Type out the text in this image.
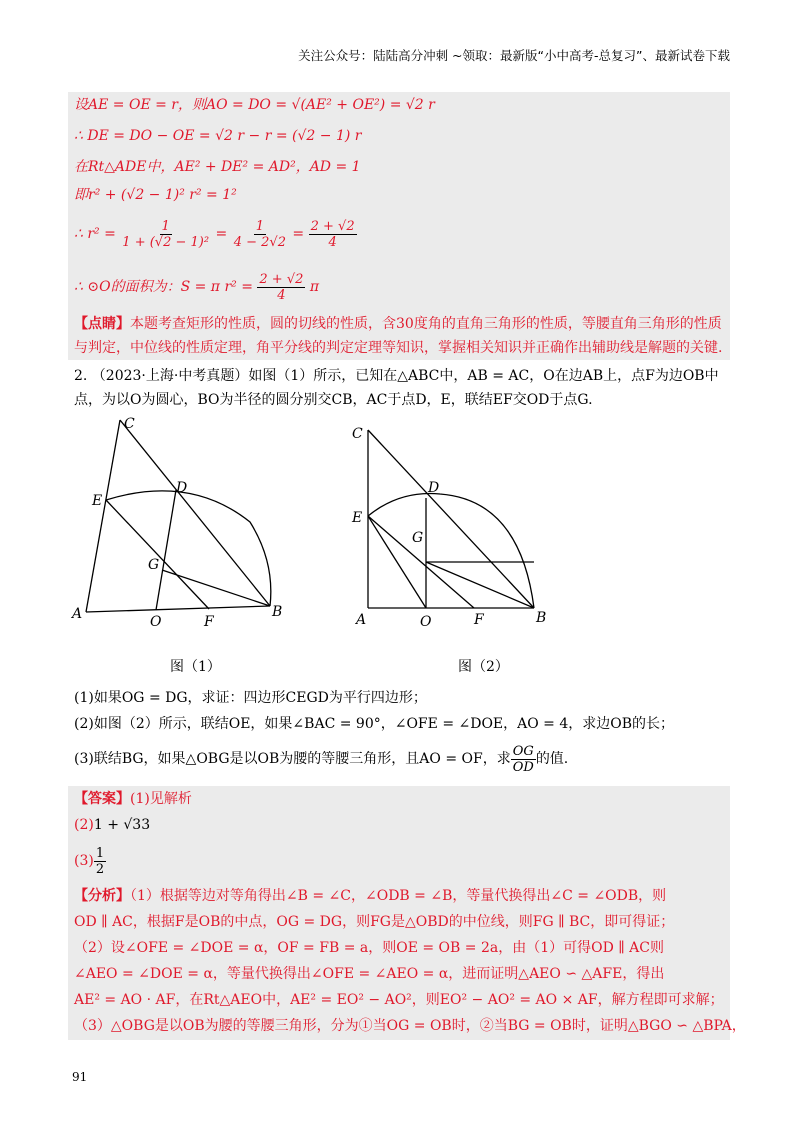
关注公众号：陆陆高分冲刺 ~领取：最新版“小中高考-总复习”、最新试卷下载
设AE = OE = r，则AO = DO = √(AE² + OE²) = √2 r
∴ DE = DO − OE = √2 r − r = (√2 − 1) r
在Rt△ADE中，AE² + DE² = AD²，AD = 1
即r² + (√2 − 1)² r² = 1²
∴ $r^2 = \frac{1}{\text{1 + (√2 − 1)²}} = \frac{1}{4 - 2√2} = \frac{2 + √2}{4}$
∴ ⊙O的面积为：S = π $r^2 = \frac{2 + √2}{4}$ π
【点睛】本题考查矩形的性质，圆的切线的性质，含30度角的直角三角形的性质，等腰直角三角形的性质
与判定，中位线的性质定理，角平分线的判定定理等知识，掌握相关知识并正确作出辅助线是解题的关键.
2. （2023·上海·中考真题）如图（1）所示，已知在△ABC中，AB = AC，O在边AB上，点F为边OB中
点，为以O为圆心，BO为半径的圆分别交CB，AC于点D，E，联结EF交OD于点G.
C
D
E
G
A	O	F
B
C
D
E
G
A	O	F	B
图（1）	图（2）
(1)如果OG = DG，求证：四边形CEGD为平行四边形；
(2)如图（2）所示，联结OE，如果∠BAC = 90°，∠OFE = ∠DOE，AO = 4，求边OB的长；
(3)联结BG，如果△OBG是以OB为腰的等腰三角形，且AO = OF，求 $\frac{OG}{OD}$ 的值.
【答案】(1)见解析
(2)1 + √33
$(3) \frac{1}{2}$
【分析】（1）根据等边对等角得出∠B = ∠C，∠ODB = ∠B，等量代换得出∠C = ∠ODB，则
OD ∥ AC，根据F是OB的中点，OG = DG，则FG是△OBD的中位线，则FG ∥ BC，即可得证；
（2）设∠OFE = ∠DOE = α，OF = FB = a，则OE = OB = 2a，由（1）可得OD ∥ AC则
∠AEO = ∠DOE = α，等量代换得出∠OFE = ∠AEO = α，进而证明△AEO ∽ △AFE，得出
AE² = AO · AF，在Rt△AEO中，AE² = EO² − AO²，则EO² − AO² = AO × AF，解方程即可求解；
（3）△OBG是以OB为腰的等腰三角形，分为①当OG = OB时，②当BG = OB时，证明△BGO ∽ △BPA，
91
